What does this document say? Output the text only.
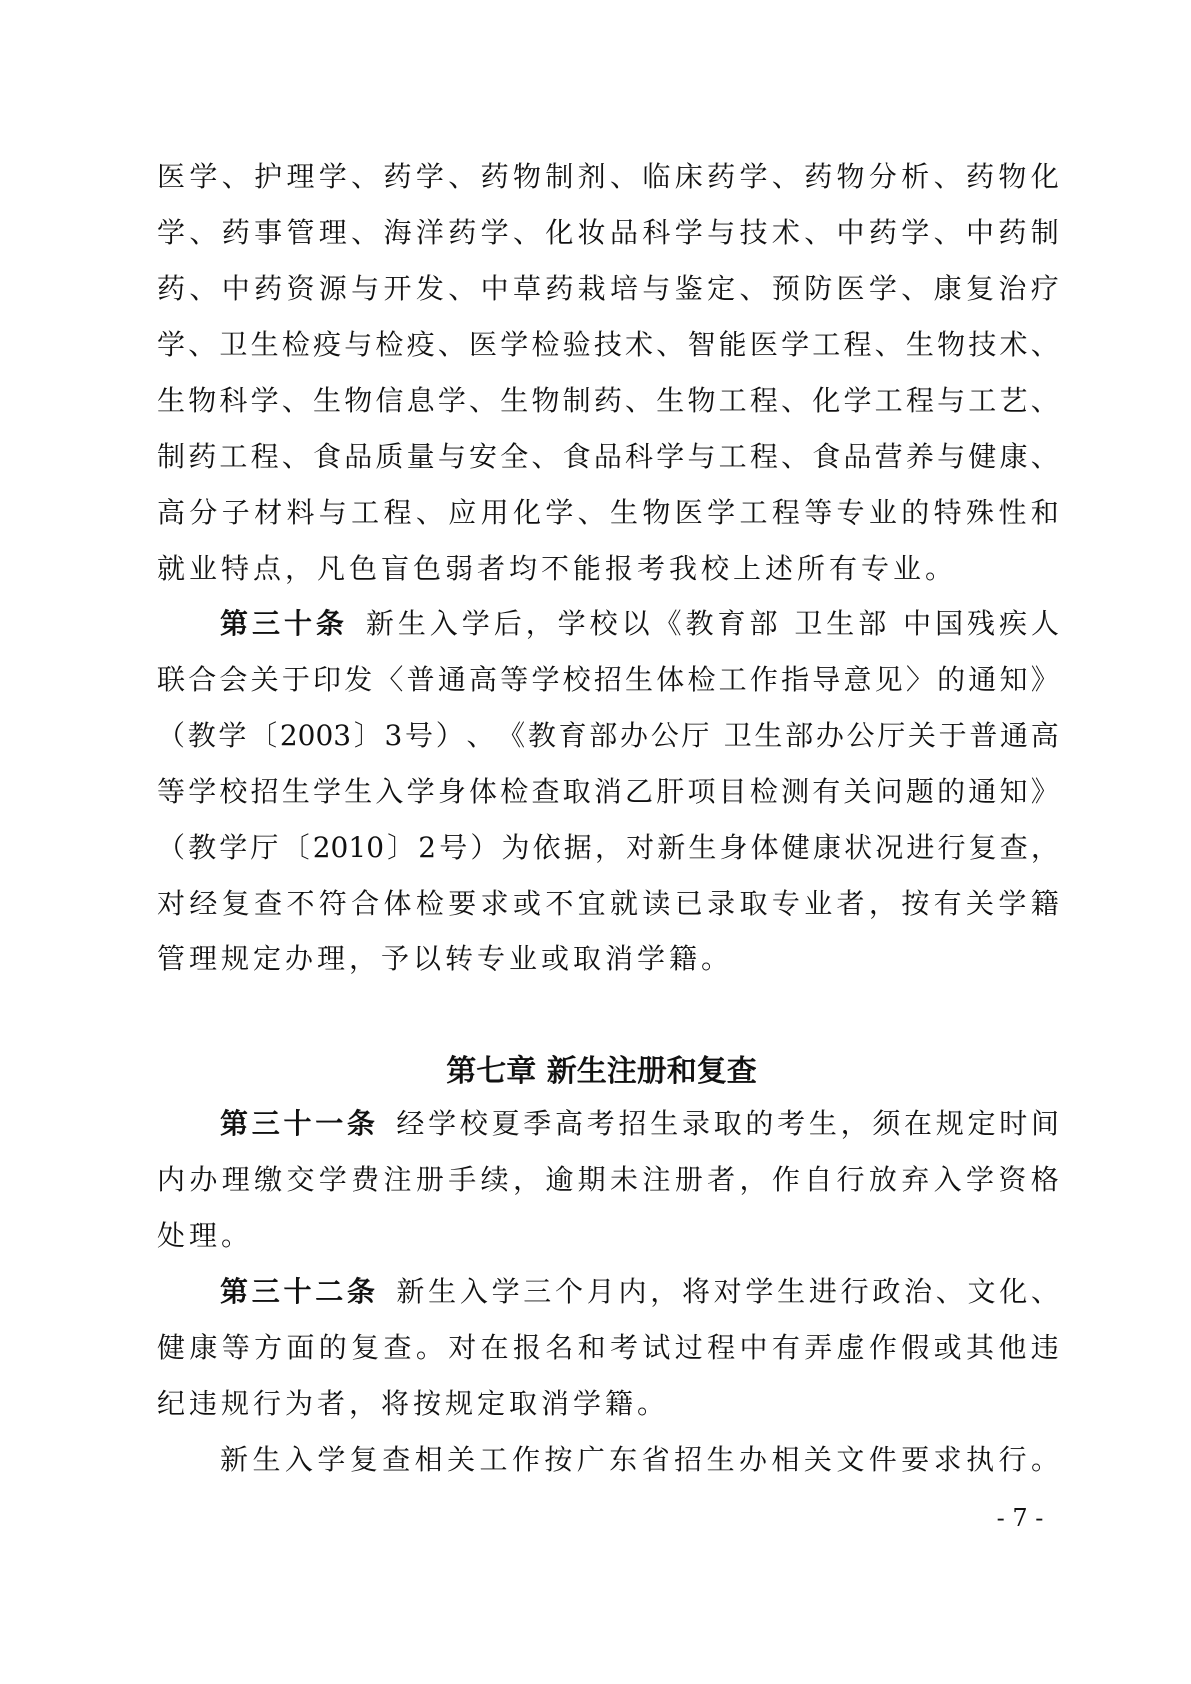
医学、护理学、药学、药物制剂、临床药学、药物分析、药物化
学、药事管理、海洋药学、化妆品科学与技术、中药学、中药制
药、中药资源与开发、中草药栽培与鉴定、预防医学、康复治疗
学、卫生检疫与检疫、医学检验技术、智能医学工程、生物技术、
生物科学、生物信息学、生物制药、生物工程、化学工程与工艺、
制药工程、食品质量与安全、食品科学与工程、食品营养与健康、
高分子材料与工程、应用化学、生物医学工程等专业的特殊性和
就业特点，凡色盲色弱者均不能报考我校上述所有专业。
第三十条  新生入学后，学校以《教育部 卫生部 中国残疾人
联合会关于印发〈普通高等学校招生体检工作指导意见〉的通知》
（教学〔2003〕3号）、《教育部办公厅 卫生部办公厅关于普通高
等学校招生学生入学身体检查取消乙肝项目检测有关问题的通知》
（教学厅〔2010〕2号）为依据，对新生身体健康状况进行复查，
对经复查不符合体检要求或不宜就读已录取专业者，按有关学籍
管理规定办理，予以转专业或取消学籍。
第七章 新生注册和复查
第三十一条  经学校夏季高考招生录取的考生，须在规定时间
内办理缴交学费注册手续，逾期未注册者，作自行放弃入学资格
处理。
第三十二条  新生入学三个月内，将对学生进行政治、文化、
健康等方面的复查。对在报名和考试过程中有弄虚作假或其他违
纪违规行为者，将按规定取消学籍。
新生入学复查相关工作按广东省招生办相关文件要求执行。
- 7 -
